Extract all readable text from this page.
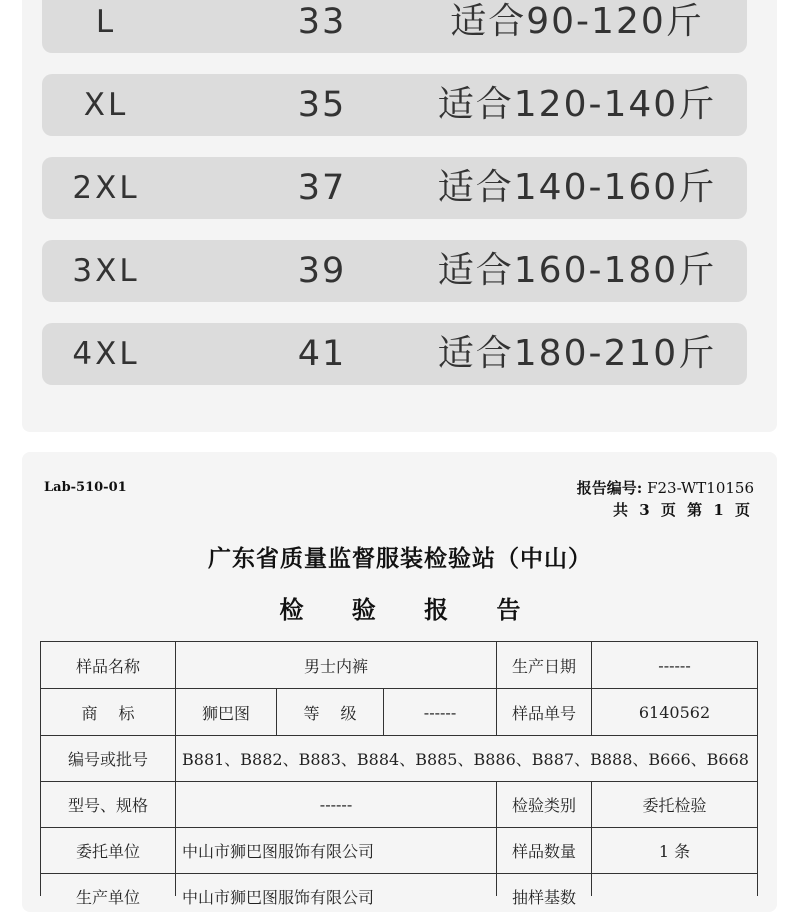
L	33	适合90-120斤
XL	35	适合120-140斤
2XL	37	适合140-160斤
3XL	39	适合160-180斤
4XL	41	适合180-210斤
Lab-510-01	报告编号: F23-WT10156
共 3 页 第 1 页
广东省质量监督服装检验站（中山）
检 验 报 告
样品名称	男士内裤	生产日期	------
商 标	狮巴图	等 级	------	样品单号	6140562
编号或批号	B881、B882、B883、B884、B885、B886、B887、B888、B666、B668
型号、规格	------	检验类别	委托检验
委托单位	中山市狮巴图服饰有限公司	样品数量	1 条
生产单位	中山市狮巴图服饰有限公司	抽样基数
